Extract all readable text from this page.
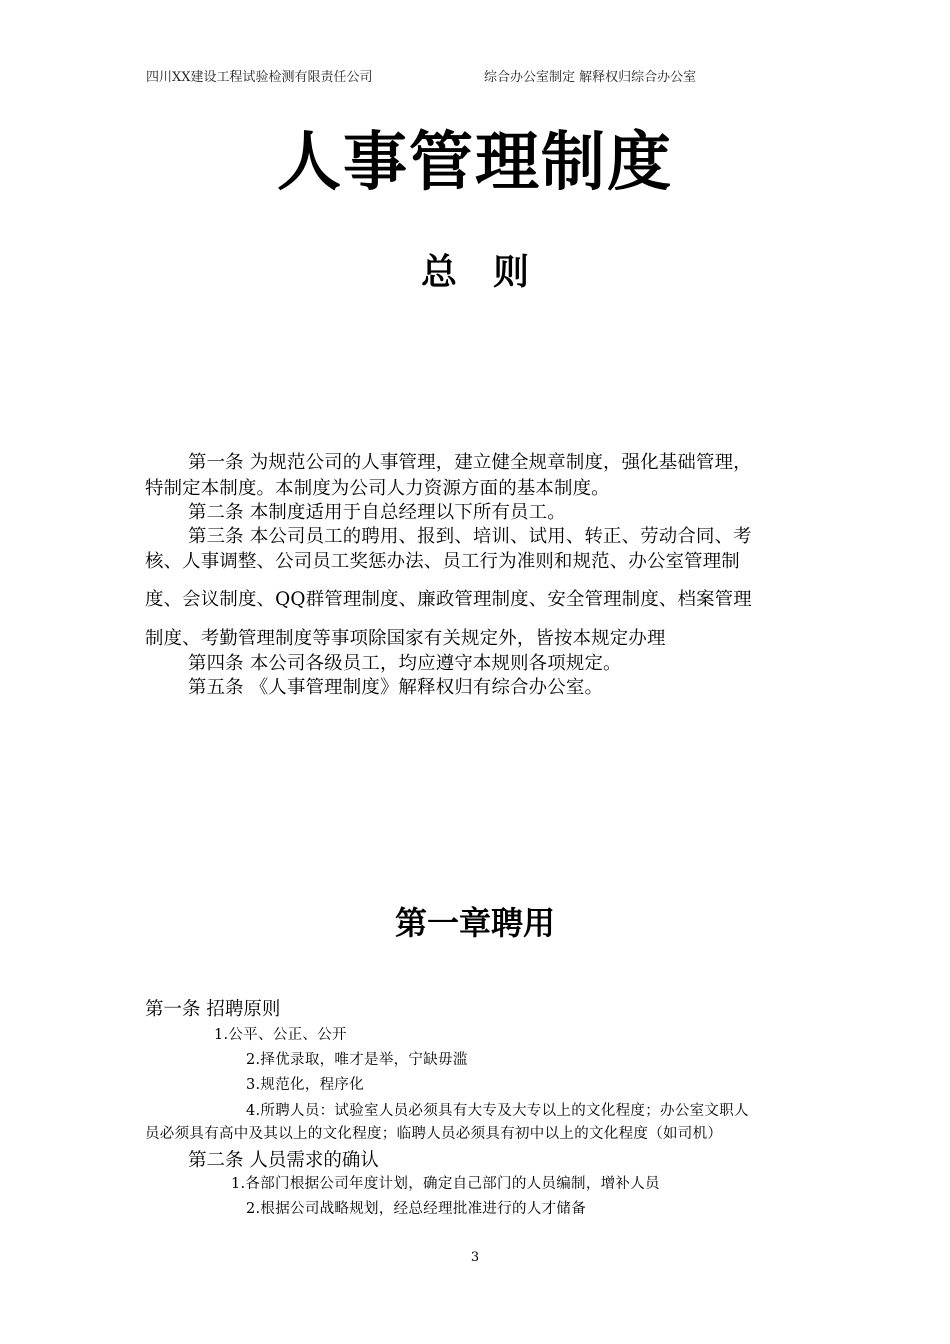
四川XX建设工程试验检测有限责任公司	综合办公室制定 解释权归综合办公室
人事管理制度
总　则
第一条 为规范公司的人事管理，建立健全规章制度，强化基础管理，
特制定本制度。本制度为公司人力资源方面的基本制度。
第二条 本制度适用于自总经理以下所有员工。
第三条 本公司员工的聘用、报到、培训、试用、转正、劳动合同、考
核、人事调整、公司员工奖惩办法、员工行为准则和规范、办公室管理制
度、会议制度、QQ群管理制度、廉政管理制度、安全管理制度、档案管理
制度、考勤管理制度等事项除国家有关规定外，皆按本规定办理
第四条 本公司各级员工，均应遵守本规则各项规定。
第五条 《人事管理制度》解释权归有综合办公室。
第一章聘用
第一条 招聘原则
1.公平、公正、公开
2.择优录取，唯才是举，宁缺毋滥
3.规范化，程序化
4.所聘人员：试验室人员必须具有大专及大专以上的文化程度；办公室文职人
员必须具有高中及其以上的文化程度；临聘人员必须具有初中以上的文化程度（如司机）
第二条 人员需求的确认
1.各部门根据公司年度计划，确定自己部门的人员编制，增补人员
2.根据公司战略规划，经总经理批准进行的人才储备
3
